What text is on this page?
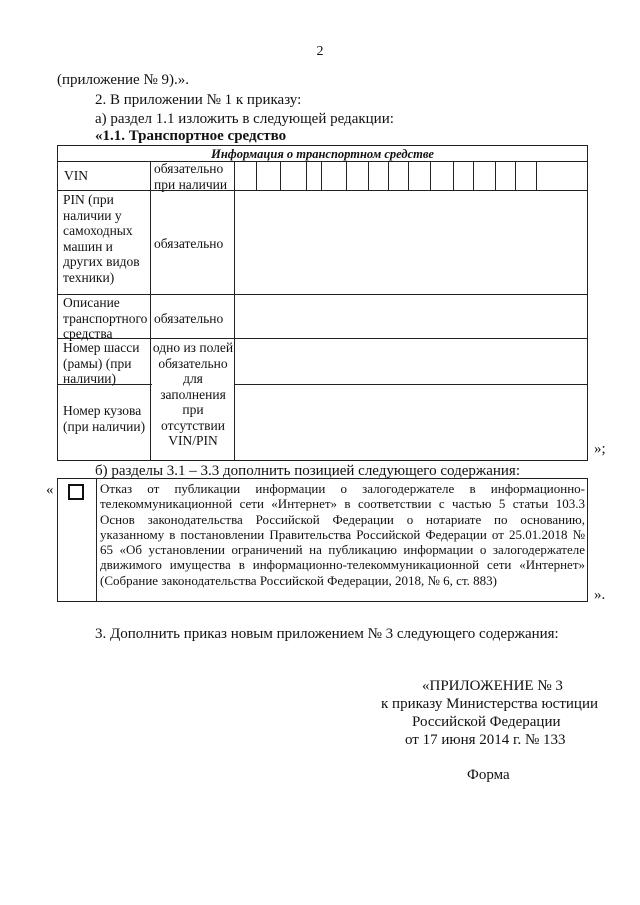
2
(приложение № 9).».
2. В приложении № 1 к приказу:
а) раздел 1.1 изложить в следующей редакции:
«1.1. Транспортное средство
Информация о транспортном средстве
VIN	обязательно при наличии
PIN (при наличии у самоходных машин и других видов техники)
обязательно
Описание транспортного средства
обязательно
Номер шасси (рамы) (при наличии)
одно из полей обязательно для заполнения при отсутствии VIN/PIN
Номер кузова (при наличии)
»;
б) разделы 3.1 – 3.3 дополнить позицией следующего содержания:
«	Отказ от публикации информации о залогодержателе в информационно-телекоммуникационной сети «Интернет» в соответствии с частью 5 статьи 103.3 Основ законодательства Российской Федерации о нотариате по основанию, указанному в постановлении Правительства Российской Федерации от 25.01.2018 № 65 «Об установлении ограничений на публикацию информации о залогодержателе движимого имущества в информационно-телекоммуникационной сети «Интернет» (Собрание законодательства Российской Федерации, 2018, № 6, ст. 883)
».
3. Дополнить приказ новым приложением № 3 следующего содержания:
«ПРИЛОЖЕНИЕ № 3
к приказу Министерства юстиции
Российской Федерации
от 17 июня 2014 г. № 133
Форма
